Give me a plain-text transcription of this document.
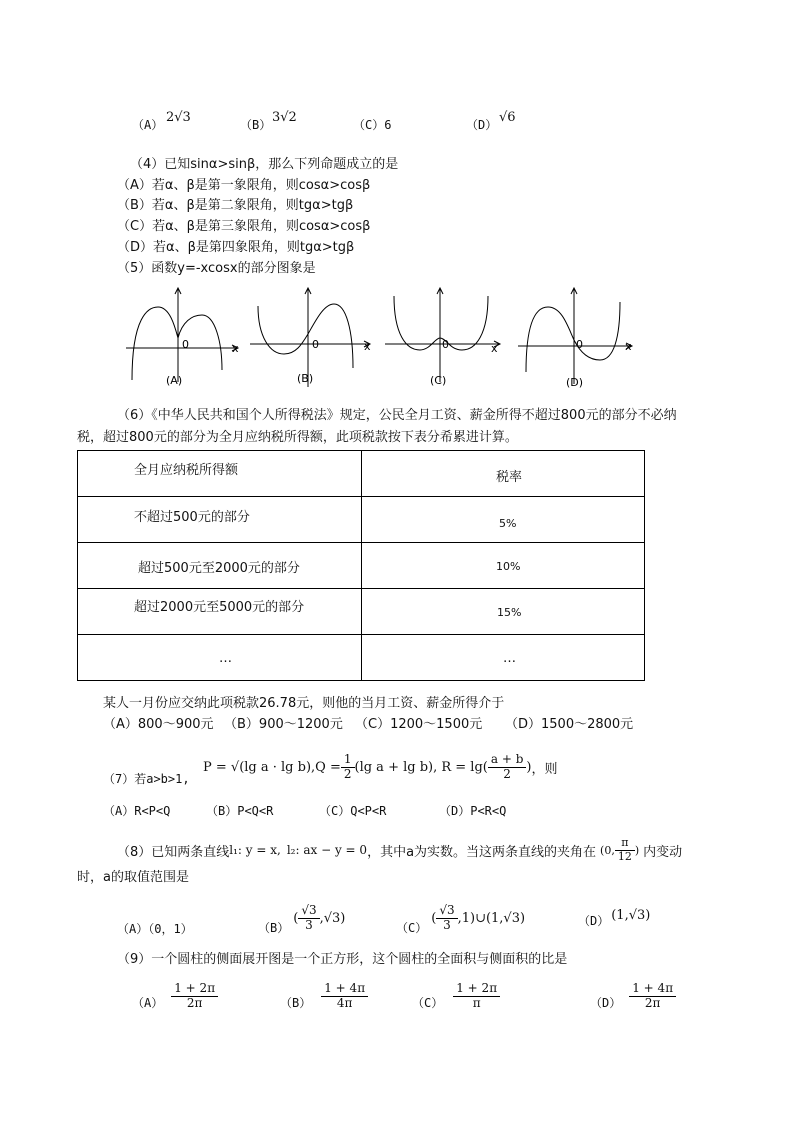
（A） 2√3	（B） 3√2	（C）6	（D） √6
（4）已知sinα>sinβ，那么下列命题成立的是
（A）若α、β是第一象限角，则cosα>cosβ
（B）若α、β是第二象限角，则tgα>tgβ
（C）若α、β是第三象限角，则cosα>cosβ
（D）若α、β是第四象限角，则tgα>tgβ
（5）函数y=-xcosx的部分图象是
0	x	0	x	0	x	0	x
(A)	(B)	(C)	(D)
（6）《中华人民共和国个人所得税法》规定，公民全月工资、薪金所得不超过800元的部分不必纳
税，超过800元的部分为全月应纳税所得额，此项税款按下表分希累进计算。
全月应纳税所得额	税率

不超过500元的部分	5%

超过500元至2000元的部分	10%

超过2000元至5000元的部分	15%

…	…
某人一月份应交纳此项税款26.78元，则他的当月工资、薪金所得介于
（A）800～900元 （B）900～1200元 （C）1200～1500元 （D）1500～2800元
（7）若a>b>1,
P = √(lg a · lg b) $,Q = \frac{1}{2} (\lg$ a + lg b), $R = \lg( \frac{a + b}{2}$ ) ，则
（A）R<P<Q	（B）P<Q<R	（C）Q<P<R	（D）P<R<Q
（8）已知两条直线 l₁: y = x, l₂: ax − y = 0 ，其中a为实数。当这两条直线的夹角在 (0, $\frac{\pi}{12}$ ) 内变动
时，a的取值范围是
（A）（0，1）	（B）
( $\frac{√3}{3} ,√3$)
（C）
( $\frac{√3}{3}$ ,1)∪(1,√3)	（D） (1,√3)
（9）一个圆柱的侧面展开图是一个正方形，这个圆柱的全面积与侧面积的比是
$(A) \frac{1 + 2\pi}{2\pi}$	$(B) \frac{1 + 4\pi}{4\pi}$	$(C) \frac{1 + 2\pi}{\pi}$	$(D) \frac{1 + 4\pi}{2\pi}$
